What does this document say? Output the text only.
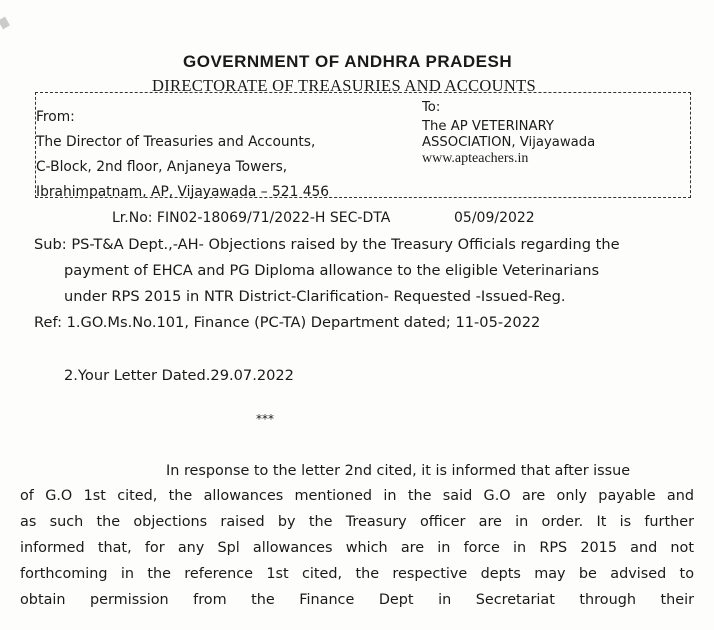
GOVERNMENT OF ANDHRA PRADESH
DIRECTORATE OF TREASURIES AND ACCOUNTS
From:
The Director of Treasuries and Accounts,
C-Block, 2nd floor, Anjaneya Towers,
Ibrahimpatnam, AP, Vijayawada – 521 456
To:
The AP VETERINARY
ASSOCIATION, Vijayawada
www.apteachers.in
Lr.No: FIN02-18069/71/2022-H SEC-DTA	05/09/2022
Sub: PS-T&A Dept.,-AH- Objections raised by the Treasury Officials regarding the
payment of EHCA and PG Diploma allowance to the eligible Veterinarians
under RPS 2015 in NTR District-Clarification- Requested -Issued-Reg.
Ref: 1.GO.Ms.No.101, Finance (PC-TA) Department dated; 11-05-2022
2.Your Letter Dated.29.07.2022
***
In response to the letter 2nd cited, it is informed that after issue
of G.O 1st cited, the allowances mentioned in the said G.O are only payable and
as such the objections raised by the Treasury officer are in order. It is further
informed that, for any Spl allowances which are in force in RPS 2015 and not
forthcoming in the reference 1st cited, the respective depts may be advised to
obtain permission from the Finance Dept in Secretariat through their
